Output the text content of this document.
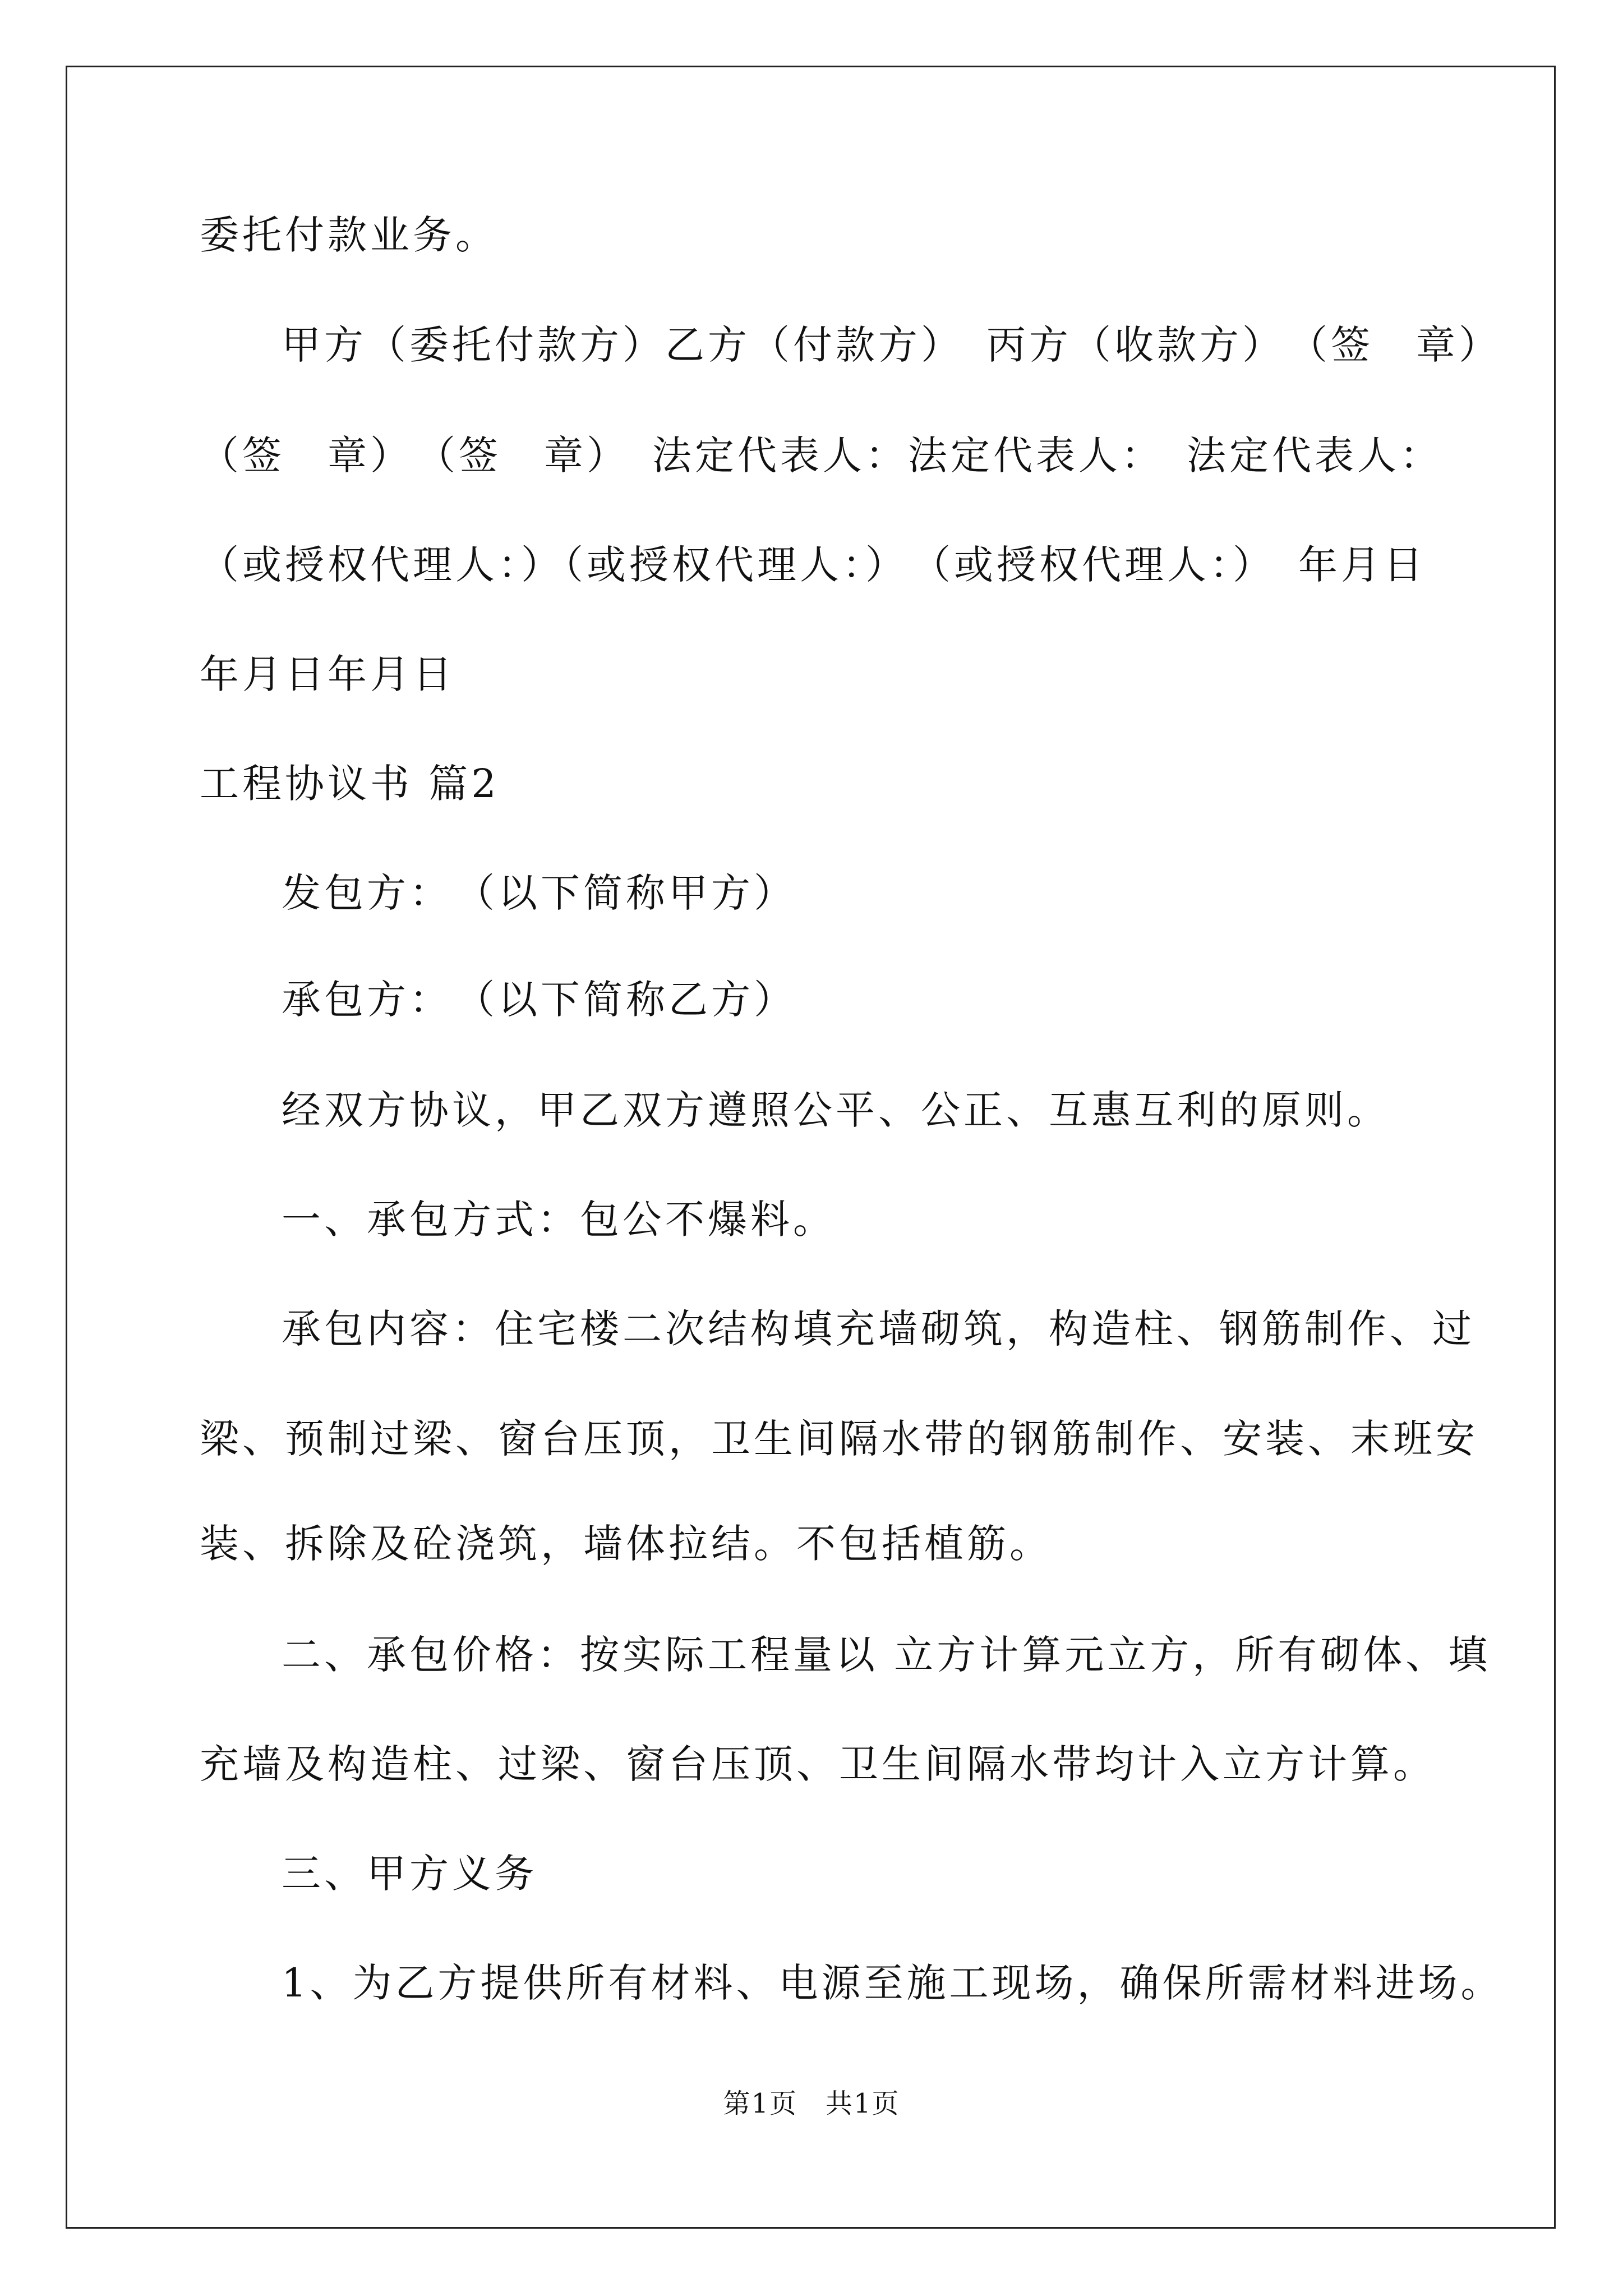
委托付款业务。
甲方（委托付款方）乙方（付款方）　丙方（收款方）　（签　章）
（签　章）　（签　章）　法定代表人：法定代表人：　法定代表人：
（或授权代理人：）（或授权代理人：）　（或授权代理人：）　年月日
年月日年月日
工程协议书 篇2
发包方：　（以下简称甲方）
承包方：　（以下简称乙方）
经双方协议，甲乙双方遵照公平、公正、互惠互利的原则。
一、承包方式：包公不爆料。
承包内容：住宅楼二次结构填充墙砌筑，构造柱、钢筋制作、过
梁、预制过梁、窗台压顶，卫生间隔水带的钢筋制作、安装、末班安
装、拆除及砼浇筑，墙体拉结。不包括植筋。
二、承包价格：按实际工程量以 立方计算元立方，所有砌体、填
充墙及构造柱、过梁、窗台压顶、卫生间隔水带均计入立方计算。
三、甲方义务
1、为乙方提供所有材料、电源至施工现场，确保所需材料进场。
第1页　共1页
